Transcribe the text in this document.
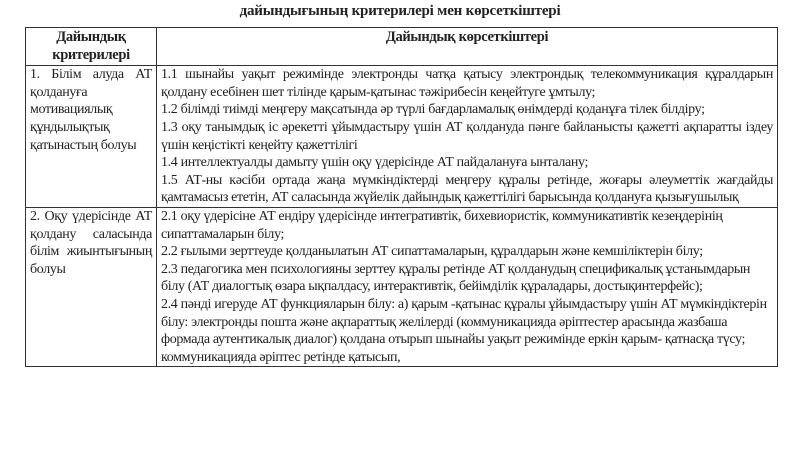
дайындығының критерилері мен көрсеткіштері
Дайындық критерилері	Дайындық көрсеткіштері
1. Білім алуда АТ қолдануға мотивациялық құндылықтық қатынастың болуы	1.1 шынайы уақыт режимінде электронды чатқа қатысу электрондық телекоммуникация құралдарын қолдану есебінен шет тілінде қарым-қатынас тәжірибесін кеңейтуге ұмтылу;
1.2 білімді тиімді меңгеру мақсатында әр түрлі бағдарламалық өнімдерді қоданұға тілек білдіру;
1.3 оқу танымдық іс әрекетті ұйымдастыру үшін АТ қолдануда пәнге байланысты қажетті ақпаратты іздеу үшін кеңістікті кеңейту қажеттілігі
1.4 интеллектуалды дамыту үшін оқу үдерісінде АТ пайдалануға ынталану;
1.5 АТ-ны кәсіби ортада жаңа мүмкіндіктерді меңгеру құралы ретінде, жоғары әлеуметтік жағдайды қамтамасыз ететін, АТ саласында жүйелік дайындық қажеттілігі барысында қолдануға қызығушылық

2. Оқу үдерісінде АТ қолдану саласында білім жиынтығының болуы	2.1 оқу үдерісіне АТ ендіру үдерісінде интегративтік, бихевиористік, коммуникативтік кезеңдерінің сипаттамаларын білу;
2.2 ғылыми зерттеуде қолданылатын АТ сипаттамаларын, құралдарын және кемшіліктерін білу;
2.3 педагогика мен психологияны зерттеу құралы ретінде АТ қолданудың спецификалық ұстанымдарын білу (АТ диалогтық өзара ықпалдасу, интерактивтік, бейімділік құраладары, достықинтерфейс);
2.4 пәнді игеруде АТ функцияларын білу: а) қарым -қатынас құралы ұйымдастыру үшін АТ мүмкіндіктерін білу: электронды пошта және ақпараттық желілерді (коммуникацияда әріптестер арасында жазбаша формада аутентикалық диалог) қолдана отырып шынайы уақыт режимінде еркін қарым- қатнасқа түсу; коммуникацияда әріптес ретінде қатысып,
